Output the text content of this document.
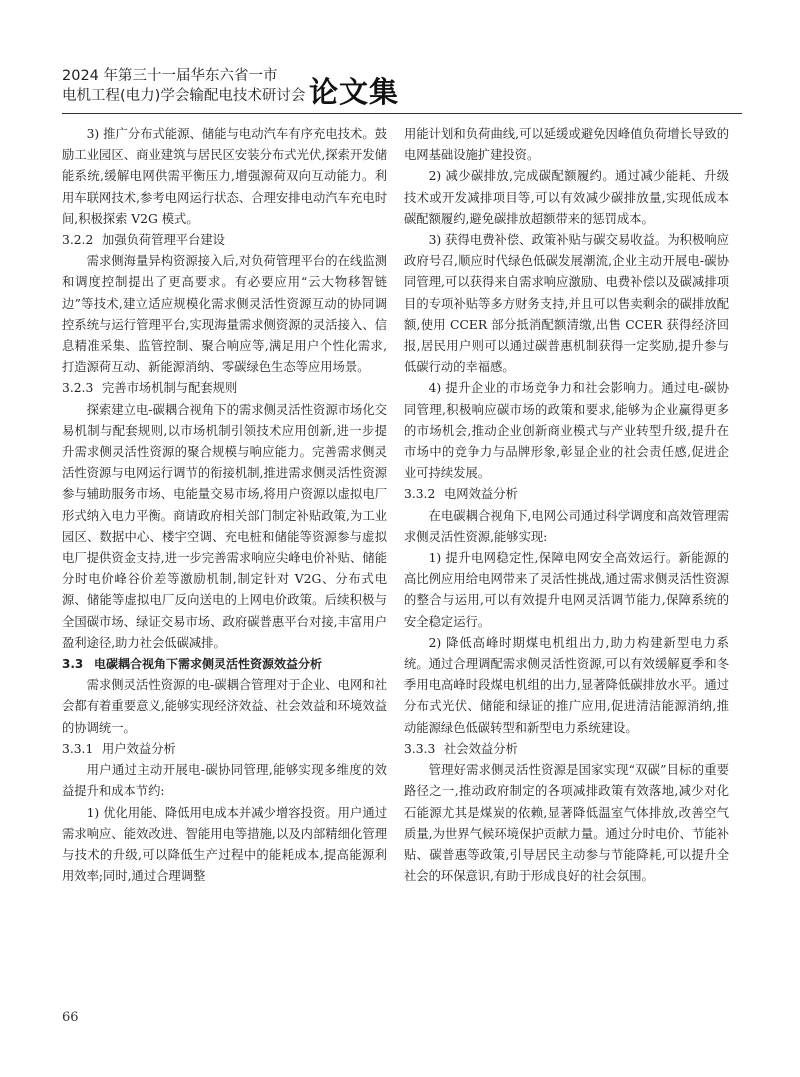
2024 年第三十一届华东六省一市
电机工程(电力)学会输配电技术研讨会 论文集
3) 推广分布式能源、储能与电动汽车有序充电技术。鼓励工业园区、商业建筑与居民区安装分布式光伏,探索开发储能系统,缓解电网供需平衡压力,增强源荷双向互动能力。利用车联网技术,参考电网运行状态、合理安排电动汽车充电时间,积极探索 V2G 模式。
3.2.2 加强负荷管理平台建设
需求侧海量异构资源接入后,对负荷管理平台的在线监测和调度控制提出了更高要求。有必要应用“云大物移智链边”等技术,建立适应规模化需求侧灵活性资源互动的协同调控系统与运行管理平台,实现海量需求侧资源的灵活接入、信息精准采集、监管控制、聚合响应等,满足用户个性化需求,打造源荷互动、新能源消纳、零碳绿色生态等应用场景。
3.2.3 完善市场机制与配套规则
探索建立电-碳耦合视角下的需求侧灵活性资源市场化交易机制与配套规则,以市场机制引领技术应用创新,进一步提升需求侧灵活性资源的聚合规模与响应能力。完善需求侧灵活性资源与电网运行调节的衔接机制,推进需求侧灵活性资源参与辅助服务市场、电能量交易市场,将用户资源以虚拟电厂形式纳入电力平衡。商请政府相关部门制定补贴政策,为工业园区、数据中心、楼宇空调、充电桩和储能等资源参与虚拟电厂提供资金支持,进一步完善需求响应尖峰电价补贴、储能分时电价峰谷价差等激励机制,制定针对 V2G、分布式电源、储能等虚拟电厂反向送电的上网电价政策。后续积极与全国碳市场、绿证交易市场、政府碳普惠平台对接,丰富用户盈利途径,助力社会低碳减排。
3.3 电碳耦合视角下需求侧灵活性资源效益分析
需求侧灵活性资源的电-碳耦合管理对于企业、电网和社会都有着重要意义,能够实现经济效益、社会效益和环境效益的协调统一。
3.3.1 用户效益分析
用户通过主动开展电-碳协同管理,能够实现多维度的效益提升和成本节约:
1) 优化用能、降低用电成本并减少增容投资。用户通过需求响应、能效改进、智能用电等措施,以及内部精细化管理与技术的升级,可以降低生产过程中的能耗成本,提高能源利用效率;同时,通过合理调整
用能计划和负荷曲线,可以延缓或避免因峰值负荷增长导致的电网基础设施扩建投资。
2) 减少碳排放,完成碳配额履约。通过减少能耗、升级技术或开发减排项目等,可以有效减少碳排放量,实现低成本碳配额履约,避免碳排放超额带来的惩罚成本。
3) 获得电费补偿、政策补贴与碳交易收益。为积极响应政府号召,顺应时代绿色低碳发展潮流,企业主动开展电-碳协同管理,可以获得来自需求响应激励、电费补偿以及碳减排项目的专项补贴等多方财务支持,并且可以售卖剩余的碳排放配额,使用 CCER 部分抵消配额清缴,出售 CCER 获得经济回报,居民用户则可以通过碳普惠机制获得一定奖励,提升参与低碳行动的幸福感。
4) 提升企业的市场竞争力和社会影响力。通过电-碳协同管理,积极响应碳市场的政策和要求,能够为企业赢得更多的市场机会,推动企业创新商业模式与产业转型升级,提升在市场中的竞争力与品牌形象,彰显企业的社会责任感,促进企业可持续发展。
3.3.2 电网效益分析
在电碳耦合视角下,电网公司通过科学调度和高效管理需求侧灵活性资源,能够实现:
1) 提升电网稳定性,保障电网安全高效运行。新能源的高比例应用给电网带来了灵活性挑战,通过需求侧灵活性资源的整合与运用,可以有效提升电网灵活调节能力,保障系统的安全稳定运行。
2) 降低高峰时期煤电机组出力,助力构建新型电力系统。通过合理调配需求侧灵活性资源,可以有效缓解夏季和冬季用电高峰时段煤电机组的出力,显著降低碳排放水平。通过分布式光伏、储能和绿证的推广应用,促进清洁能源消纳,推动能源绿色低碳转型和新型电力系统建设。
3.3.3 社会效益分析
管理好需求侧灵活性资源是国家实现“双碳”目标的重要路径之一,推动政府制定的各项减排政策有效落地,减少对化石能源尤其是煤炭的依赖,显著降低温室气体排放,改善空气质量,为世界气候环境保护贡献力量。通过分时电价、节能补贴、碳普惠等政策,引导居民主动参与节能降耗,可以提升全社会的环保意识,有助于形成良好的社会氛围。
66
